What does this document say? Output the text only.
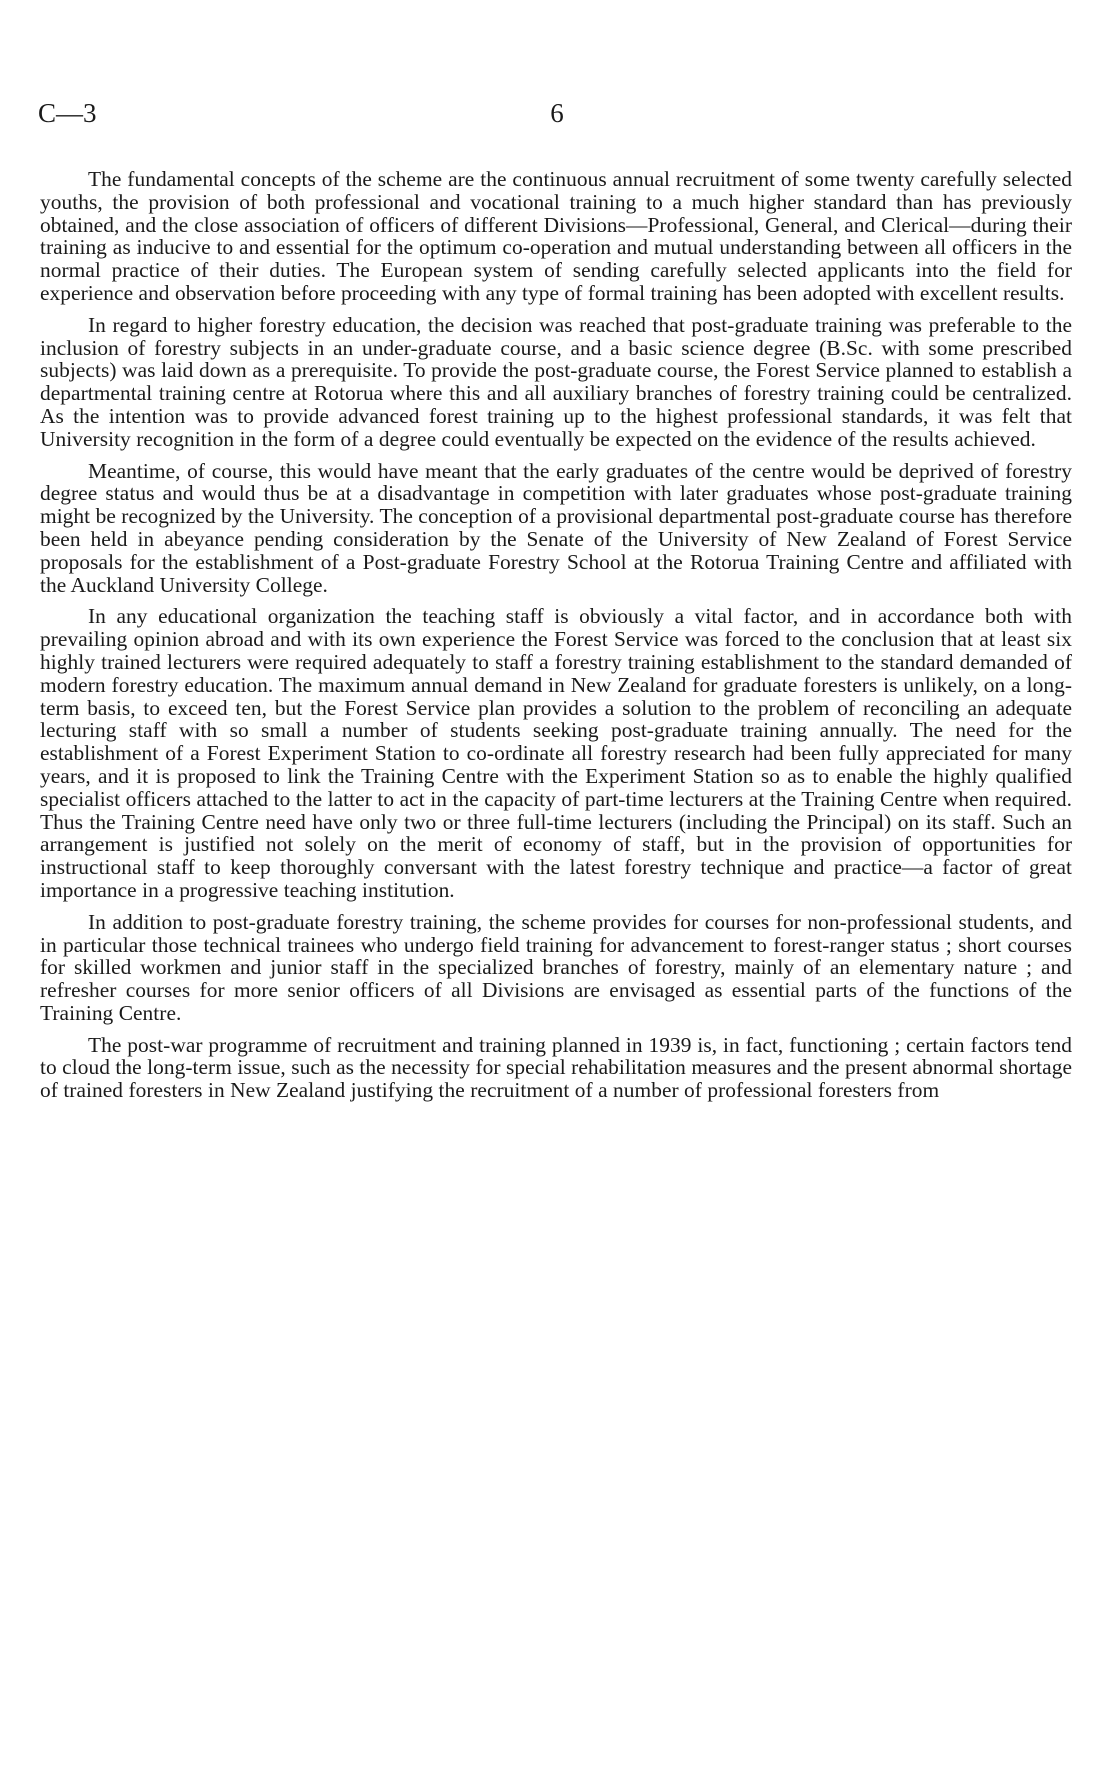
C—3	6

The fundamental concepts of the scheme are the continuous annual recruitment of some twenty carefully selected youths, the provision of both professional and vocational training to a much higher standard than has previously obtained, and the close association of officers of different Divisions—Professional, General, and Clerical—during their training as inducive to and essential for the optimum co-operation and mutual understanding between all officers in the normal practice of their duties. The European system of sending carefully selected applicants into the field for experience and observation before proceeding with any type of formal training has been adopted with excellent results.

In regard to higher forestry education, the decision was reached that post-graduate training was preferable to the inclusion of forestry subjects in an under-graduate course, and a basic science degree (B.Sc. with some prescribed subjects) was laid down as a prerequisite. To provide the post-graduate course, the Forest Service planned to establish a departmental training centre at Rotorua where this and all auxiliary branches of forestry training could be centralized. As the intention was to provide advanced forest training up to the highest professional standards, it was felt that University recognition in the form of a degree could eventually be expected on the evidence of the results achieved.

Meantime, of course, this would have meant that the early graduates of the centre would be deprived of forestry degree status and would thus be at a disadvantage in competition with later graduates whose post-graduate training might be recognized by the University. The conception of a provisional departmental post-graduate course has therefore been held in abeyance pending consideration by the Senate of the University of New Zealand of Forest Service proposals for the establishment of a Post-graduate Forestry School at the Rotorua Training Centre and affiliated with the Auckland University College.

In any educational organization the teaching staff is obviously a vital factor, and in accordance both with prevailing opinion abroad and with its own experience the Forest Service was forced to the conclusion that at least six highly trained lecturers were required adequately to staff a forestry training establishment to the standard demanded of modern forestry education. The maximum annual demand in New Zealand for graduate foresters is unlikely, on a long-term basis, to exceed ten, but the Forest Service plan provides a solution to the problem of reconciling an adequate lecturing staff with so small a number of students seeking post-graduate training annually. The need for the establishment of a Forest Experiment Station to co-ordinate all forestry research had been fully appreciated for many years, and it is proposed to link the Training Centre with the Experiment Station so as to enable the highly qualified specialist officers attached to the latter to act in the capacity of part-time lecturers at the Training Centre when required. Thus the Training Centre need have only two or three full-time lecturers (including the Principal) on its staff. Such an arrangement is justified not solely on the merit of economy of staff, but in the provision of opportunities for instructional staff to keep thoroughly conversant with the latest forestry technique and practice—a factor of great importance in a progressive teaching institution.

In addition to post-graduate forestry training, the scheme provides for courses for non-professional students, and in particular those technical trainees who undergo field training for advancement to forest-ranger status ; short courses for skilled workmen and junior staff in the specialized branches of forestry, mainly of an elementary nature ; and refresher courses for more senior officers of all Divisions are envisaged as essential parts of the functions of the Training Centre.

The post-war programme of recruitment and training planned in 1939 is, in fact, functioning ; certain factors tend to cloud the long-term issue, such as the necessity for special rehabilitation measures and the present abnormal shortage of trained foresters in New Zealand justifying the recruitment of a number of professional foresters from
